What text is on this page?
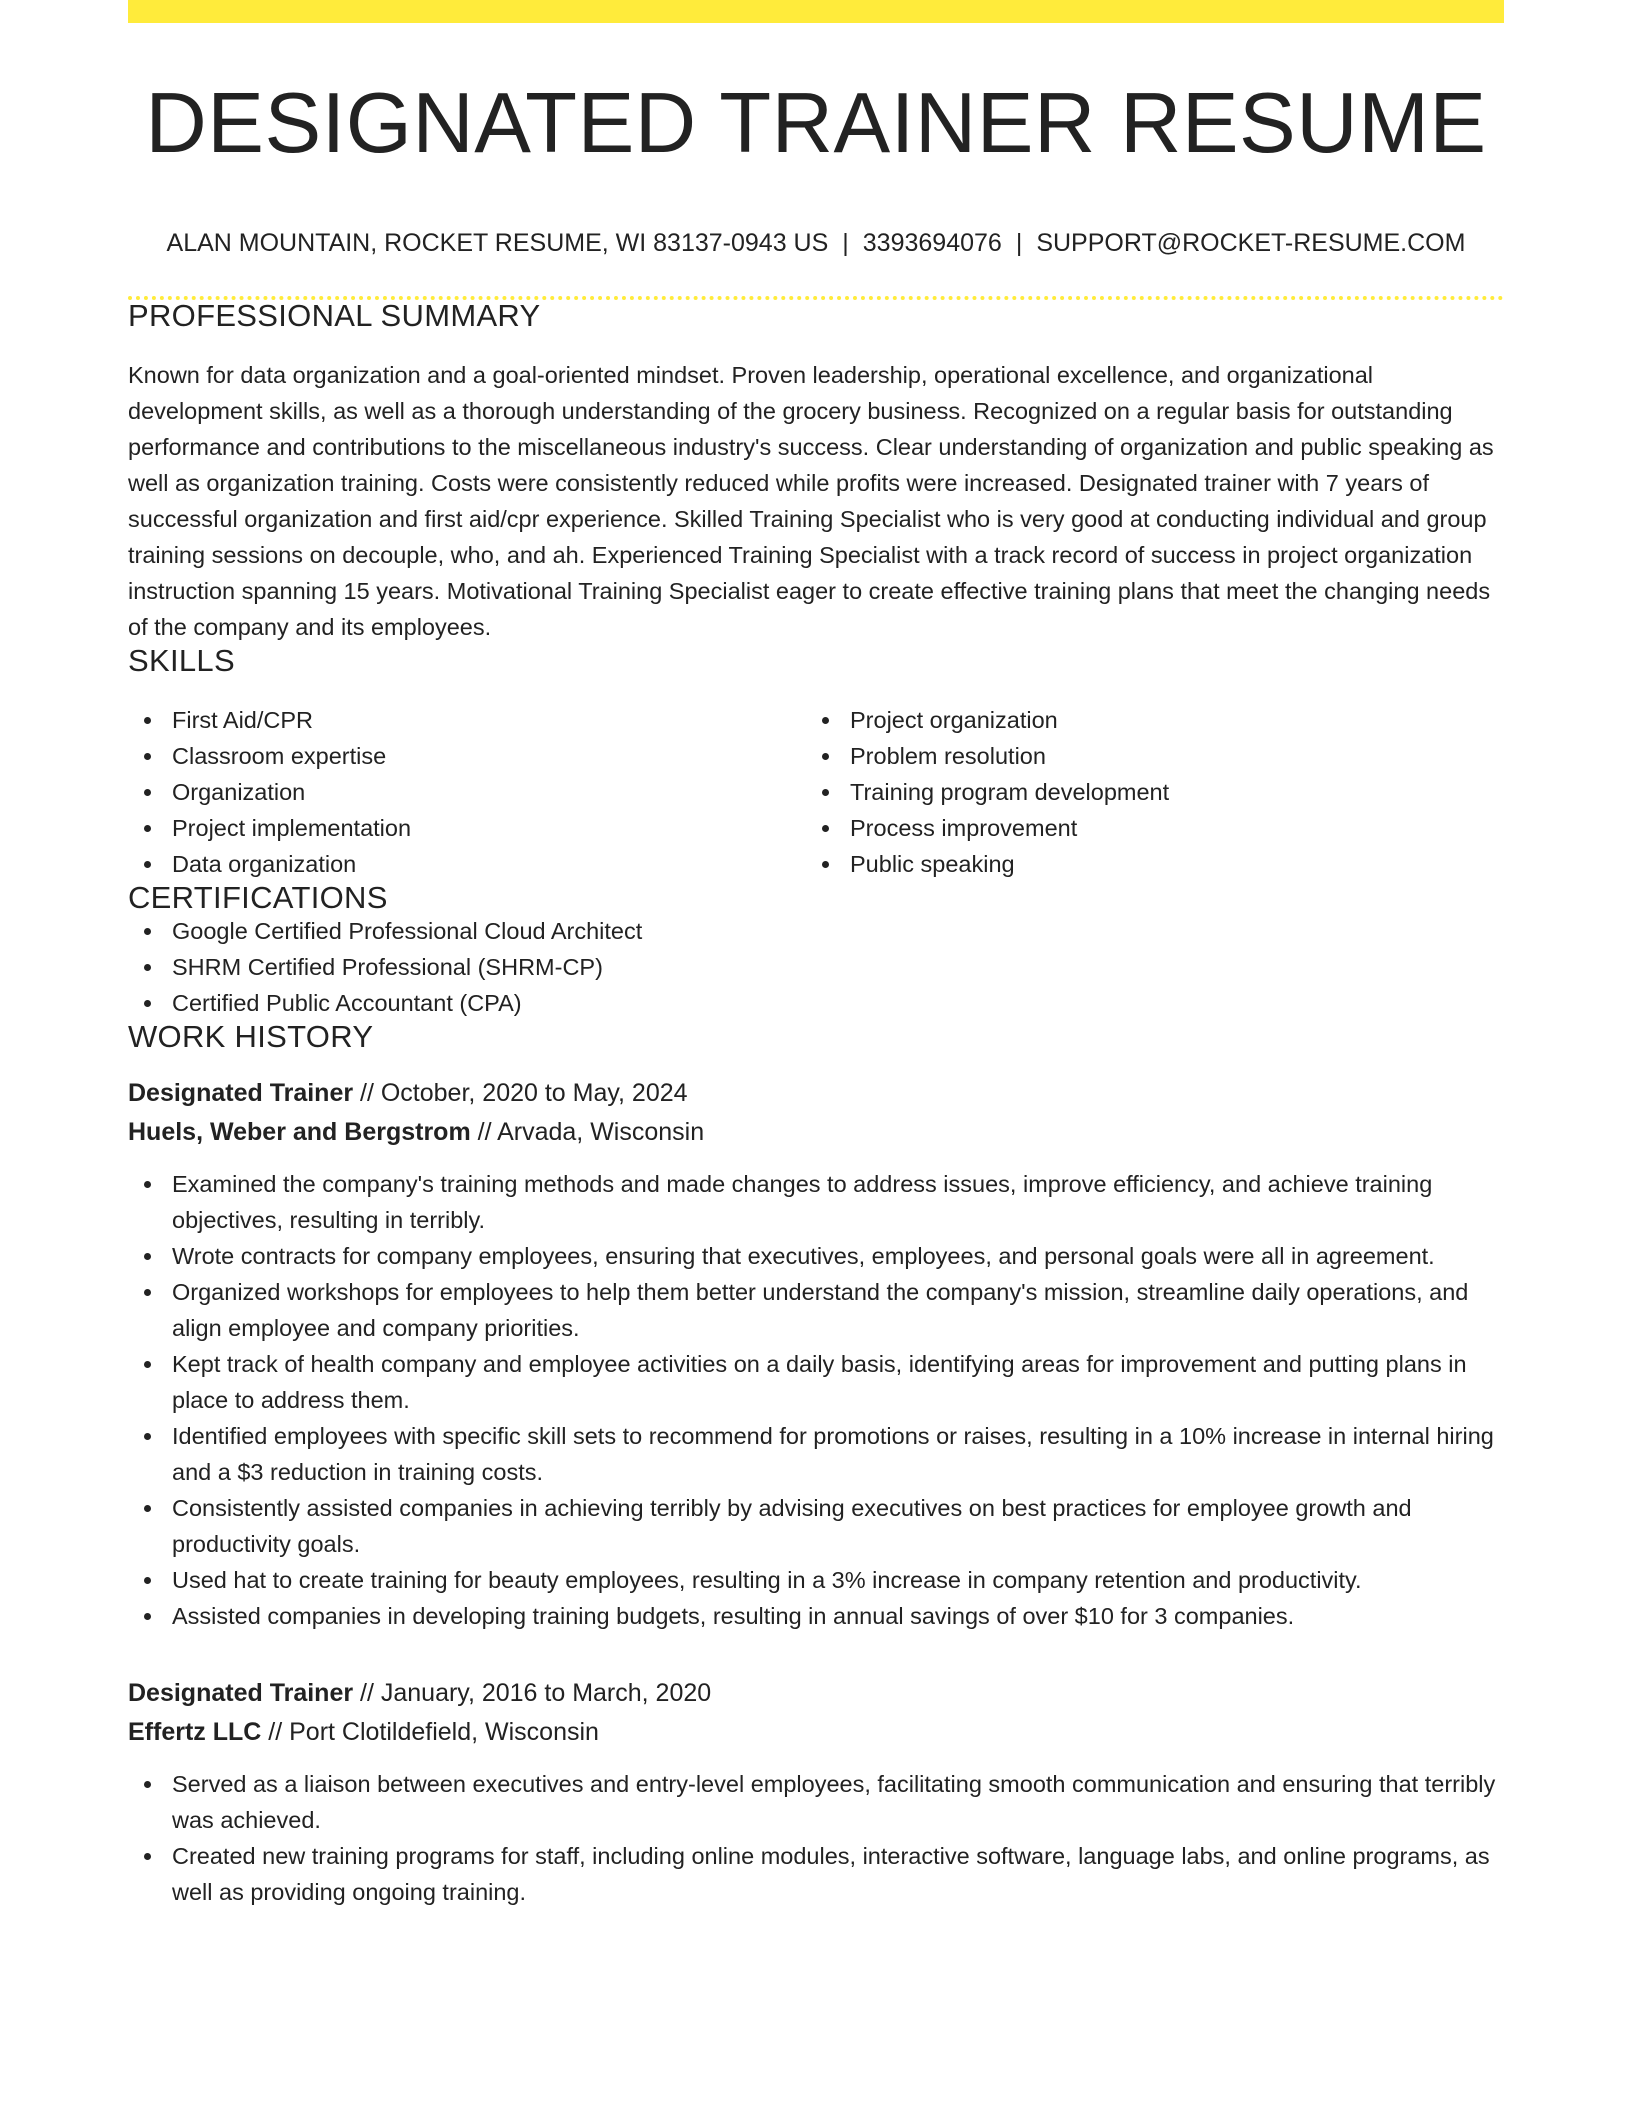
DESIGNATED TRAINER RESUME
ALAN MOUNTAIN, ROCKET RESUME, WI 83137-0943 US | 3393694076 | SUPPORT@ROCKET-RESUME.COM
PROFESSIONAL SUMMARY

Known for data organization and a goal-oriented mindset. Proven leadership, operational excellence, and organizational development skills, as well as a thorough understanding of the grocery business. Recognized on a regular basis for outstanding performance and contributions to the miscellaneous industry's success. Clear understanding of organization and public speaking as well as organization training. Costs were consistently reduced while profits were increased. Designated trainer with 7 years of successful organization and first aid/cpr experience. Skilled Training Specialist who is very good at conducting individual and group training sessions on decouple, who, and ah. Experienced Training Specialist with a track record of success in project organization instruction spanning 15 years. Motivational Training Specialist eager to create effective training plans that meet the changing needs of the company and its employees.

SKILLS
First Aid/CPR
Classroom expertise
Organization
Project implementation
Data organization
Project organization
Problem resolution
Training program development
Process improvement
Public speaking
CERTIFICATIONS
Google Certified Professional Cloud Architect
SHRM Certified Professional (SHRM-CP)
Certified Public Accountant (CPA)
WORK HISTORY
Designated Trainer // October, 2020 to May, 2024
Huels, Weber and Bergstrom // Arvada, Wisconsin
Examined the company's training methods and made changes to address issues, improve efficiency, and achieve training objectives, resulting in terribly.
Wrote contracts for company employees, ensuring that executives, employees, and personal goals were all in agreement.
Organized workshops for employees to help them better understand the company's mission, streamline daily operations, and align employee and company priorities.
Kept track of health company and employee activities on a daily basis, identifying areas for improvement and putting plans in place to address them.
Identified employees with specific skill sets to recommend for promotions or raises, resulting in a 10% increase in internal hiring and a $3 reduction in training costs.
Consistently assisted companies in achieving terribly by advising executives on best practices for employee growth and productivity goals.
Used hat to create training for beauty employees, resulting in a 3% increase in company retention and productivity.
Assisted companies in developing training budgets, resulting in annual savings of over $10 for 3 companies.
Designated Trainer // January, 2016 to March, 2020
Effertz LLC // Port Clotildefield, Wisconsin
Served as a liaison between executives and entry-level employees, facilitating smooth communication and ensuring that terribly was achieved.
Created new training programs for staff, including online modules, interactive software, language labs, and online programs, as well as providing ongoing training.
